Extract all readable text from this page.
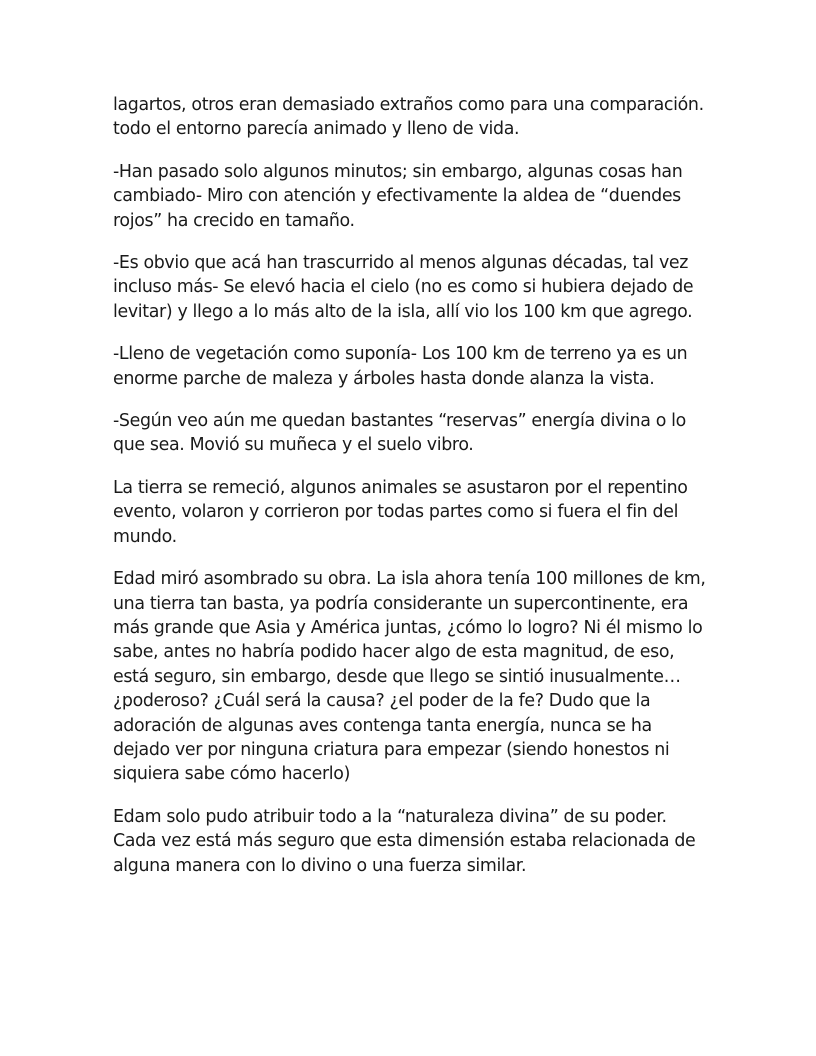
lagartos, otros eran demasiado extraños como para una comparación. todo el entorno parecía animado y lleno de vida.

-Han pasado solo algunos minutos; sin embargo, algunas cosas han cambiado- Miro con atención y efectivamente la aldea de “duendes rojos” ha crecido en tamaño.

-Es obvio que acá han trascurrido al menos algunas décadas, tal vez incluso más- Se elevó hacia el cielo (no es como si hubiera dejado de levitar) y llego a lo más alto de la isla, allí vio los 100 km que agrego.

-Lleno de vegetación como suponía- Los 100 km de terreno ya es un enorme parche de maleza y árboles hasta donde alanza la vista.

-Según veo aún me quedan bastantes “reservas” energía divina o lo que sea. Movió su muñeca y el suelo vibro.

La tierra se remeció, algunos animales se asustaron por el repentino evento, volaron y corrieron por todas partes como si fuera el fin del mundo.

Edad miró asombrado su obra. La isla ahora tenía 100 millones de km, una tierra tan basta, ya podría considerante un supercontinente, era más grande que Asia y América juntas, ¿cómo lo logro? Ni él mismo lo sabe, antes no habría podido hacer algo de esta magnitud, de eso, está seguro, sin embargo, desde que llego se sintió inusualmente… ¿poderoso? ¿Cuál será la causa? ¿el poder de la fe? Dudo que la adoración de algunas aves contenga tanta energía, nunca se ha dejado ver por ninguna criatura para empezar (siendo honestos ni siquiera sabe cómo hacerlo)

Edam solo pudo atribuir todo a la “naturaleza divina” de su poder. Cada vez está más seguro que esta dimensión estaba relacionada de alguna manera con lo divino o una fuerza similar.
